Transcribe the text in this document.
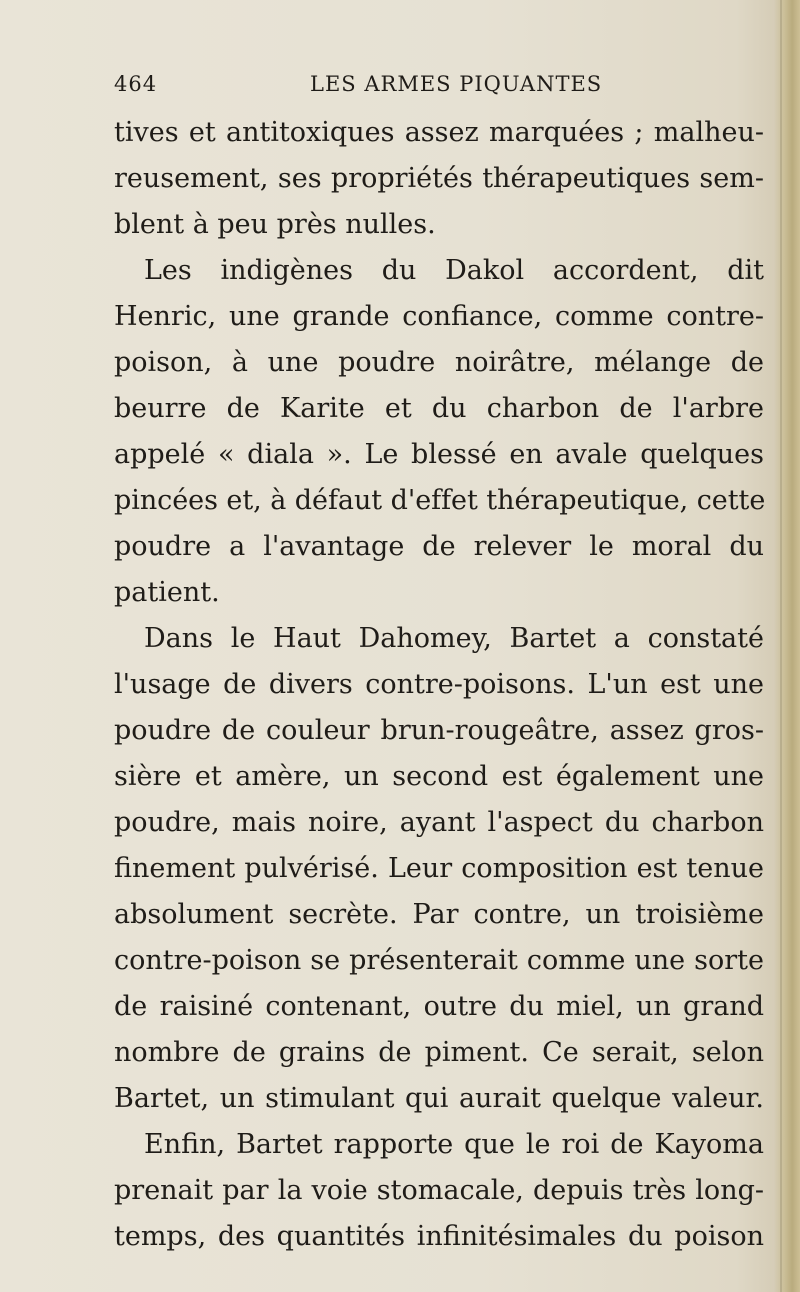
464	LES ARMES PIQUANTES
tives et antitoxiques assez marquées ; malheu-
reusement, ses propriétés thérapeutiques sem-
blent à peu près nulles.
Les indigènes du Dakol accordent, dit
Henric, une grande confiance, comme contre-
poison, à une poudre noirâtre, mélange de
beurre de Karite et du charbon de l'arbre
appelé « diala ». Le blessé en avale quelques
pincées et, à défaut d'effet thérapeutique, cette
poudre a l'avantage de relever le moral du
patient.
Dans le Haut Dahomey, Bartet a constaté
l'usage de divers contre-poisons. L'un est une
poudre de couleur brun-rougeâtre, assez gros-
sière et amère, un second est également une
poudre, mais noire, ayant l'aspect du charbon
finement pulvérisé. Leur composition est tenue
absolument secrète. Par contre, un troisième
contre-poison se présenterait comme une sorte
de raisiné contenant, outre du miel, un grand
nombre de grains de piment. Ce serait, selon
Bartet, un stimulant qui aurait quelque valeur.
Enfin, Bartet rapporte que le roi de Kayoma
prenait par la voie stomacale, depuis très long-
temps, des quantités infinitésimales du poison
